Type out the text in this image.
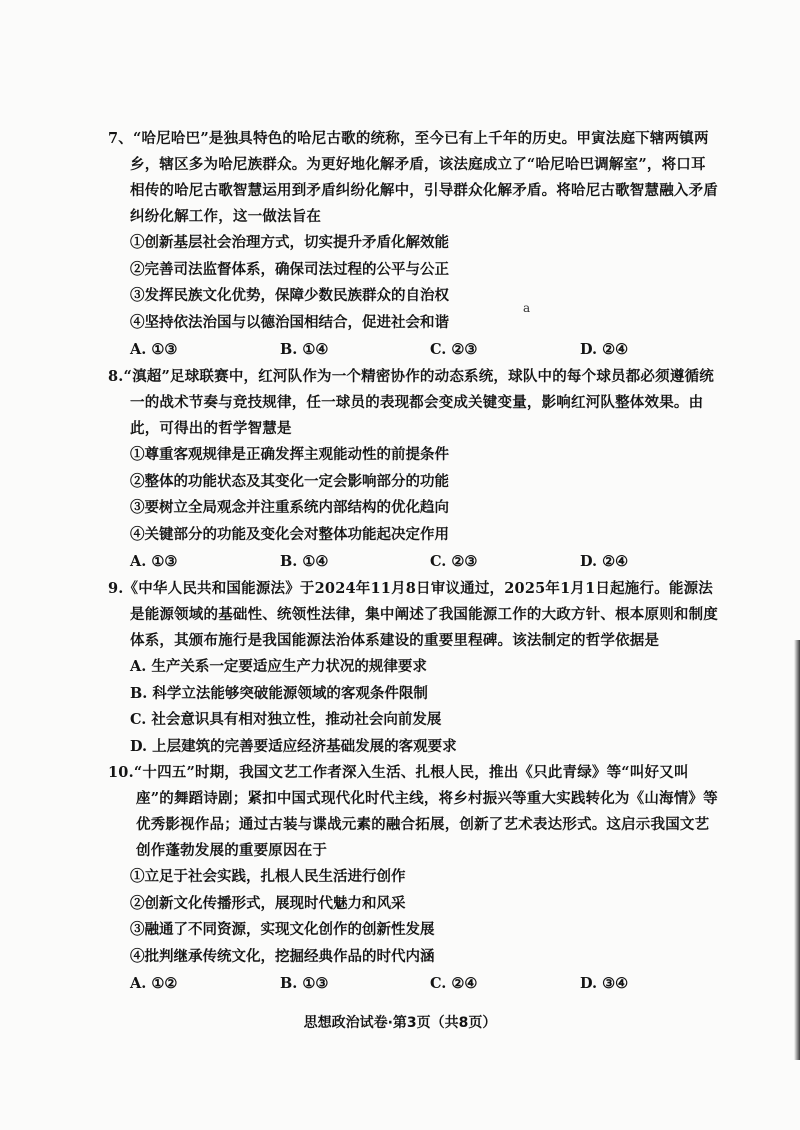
a
7、“哈尼哈巴”是独具特色的哈尼古歌的统称，至今已有上千年的历史。甲寅法庭下辖两镇两乡，辖区多为哈尼族群众。为更好地化解矛盾，该法庭成立了“哈尼哈巴调解室”，将口耳相传的哈尼古歌智慧运用到矛盾纠纷化解中，引导群众化解矛盾。将哈尼古歌智慧融入矛盾纠纷化解工作，这一做法旨在
①创新基层社会治理方式，切实提升矛盾化解效能
②完善司法监督体系，确保司法过程的公平与公正
③发挥民族文化优势，保障少数民族群众的自治权
④坚持依法治国与以德治国相结合，促进社会和谐
A. ①③	B. ①④	C. ②③	D. ②④
8.“滇超”足球联赛中，红河队作为一个精密协作的动态系统，球队中的每个球员都必须遵循统一的战术节奏与竞技规律，任一球员的表现都会变成关键变量，影响红河队整体效果。由此，可得出的哲学智慧是
①尊重客观规律是正确发挥主观能动性的前提条件
②整体的功能状态及其变化一定会影响部分的功能
③要树立全局观念并注重系统内部结构的优化趋向
④关键部分的功能及变化会对整体功能起决定作用
A. ①③	B. ①④	C. ②③	D. ②④
9.《中华人民共和国能源法》于2024年11月8日审议通过，2025年1月1日起施行。能源法是能源领域的基础性、统领性法律，集中阐述了我国能源工作的大政方针、根本原则和制度体系，其颁布施行是我国能源法治体系建设的重要里程碑。该法制定的哲学依据是
A. 生产关系一定要适应生产力状况的规律要求
B. 科学立法能够突破能源领域的客观条件限制
C. 社会意识具有相对独立性，推动社会向前发展
D. 上层建筑的完善要适应经济基础发展的客观要求
10.“十四五”时期，我国文艺工作者深入生活、扎根人民，推出《只此青绿》等“叫好又叫座”的舞蹈诗剧；紧扣中国式现代化时代主线，将乡村振兴等重大实践转化为《山海情》等优秀影视作品；通过古装与谍战元素的融合拓展，创新了艺术表达形式。这启示我国文艺创作蓬勃发展的重要原因在于
①立足于社会实践，扎根人民生活进行创作
②创新文化传播形式，展现时代魅力和风采
③融通了不同资源，实现文化创作的创新性发展
④批判继承传统文化，挖掘经典作品的时代内涵
A. ①②	B. ①③	C. ②④	D. ③④
思想政治试卷·第3页（共8页）
